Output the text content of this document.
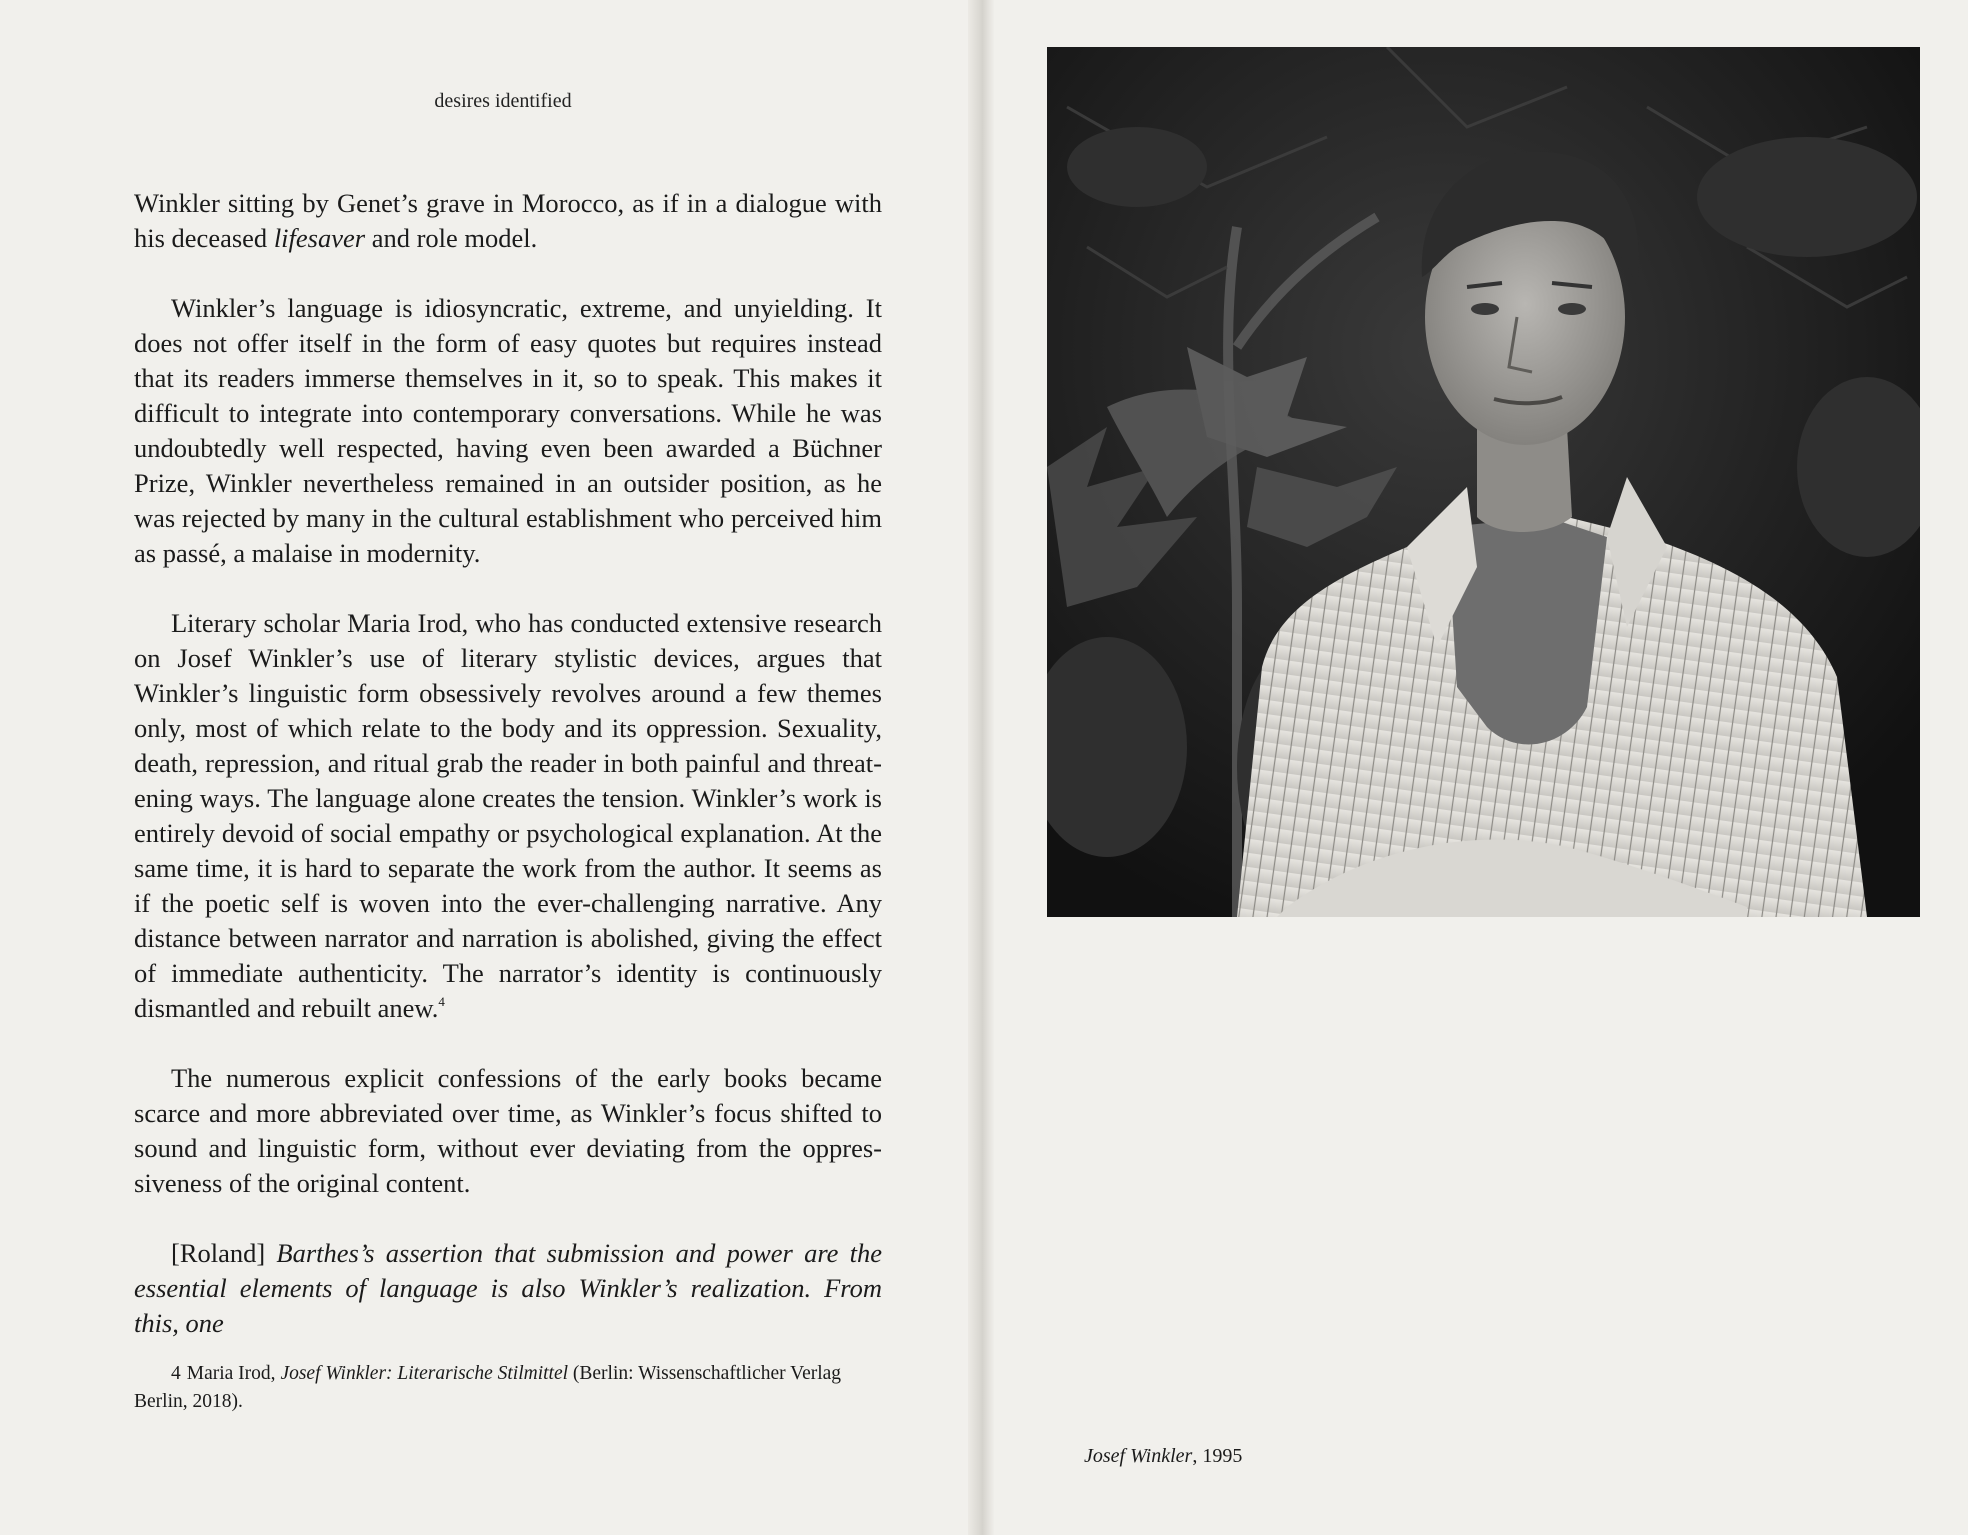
desires identified

Winkler sitting by Genet’s grave in Morocco, as if in a dialogue with his deceased lifesaver and role model.

Winkler’s language is idiosyncratic, extreme, and unyielding. It does not offer itself in the form of easy quotes but requires instead that its readers immerse themselves in it, so to speak. This makes it difficult to integrate into contemporary conversations. While he was undoubtedly well respected, having even been awarded a Büchner Prize, Winkler nevertheless remained in an outsider position, as he was rejected by many in the cultural establishment who perceived him as passé, a malaise in modernity.

Literary scholar Maria Irod, who has conducted extensive research on Josef Winkler’s use of literary stylistic devices, argues that Winkler’s linguistic form obsessively revolves around a few themes only, most of which relate to the body and its oppression. Sexuality, death, repression, and ritual grab the reader in both painful and threatening ways. The language alone creates the tension. Winkler’s work is entirely devoid of social empathy or psychological explanation. At the same time, it is hard to separate the work from the author. It seems as if the poetic self is woven into the ever-challenging narrative. Any distance between narrator and narration is abolished, giving the effect of immediate authenticity. The narrator’s identity is continuously dismantled and rebuilt anew.$^4$

The numerous explicit confessions of the early books became scarce and more abbreviated over time, as Winkler’s focus shifted to sound and linguistic form, without ever deviating from the oppressiveness of the original content.

[Roland] Barthes’s assertion that submission and power are the essential elements of language is also Winkler’s realization. From this, one

4 Maria Irod, Josef Winkler: Literarische Stilmittel (Berlin: Wissenschaftlicher Verlag Berlin, 2018).
Josef Winkler, 1995
